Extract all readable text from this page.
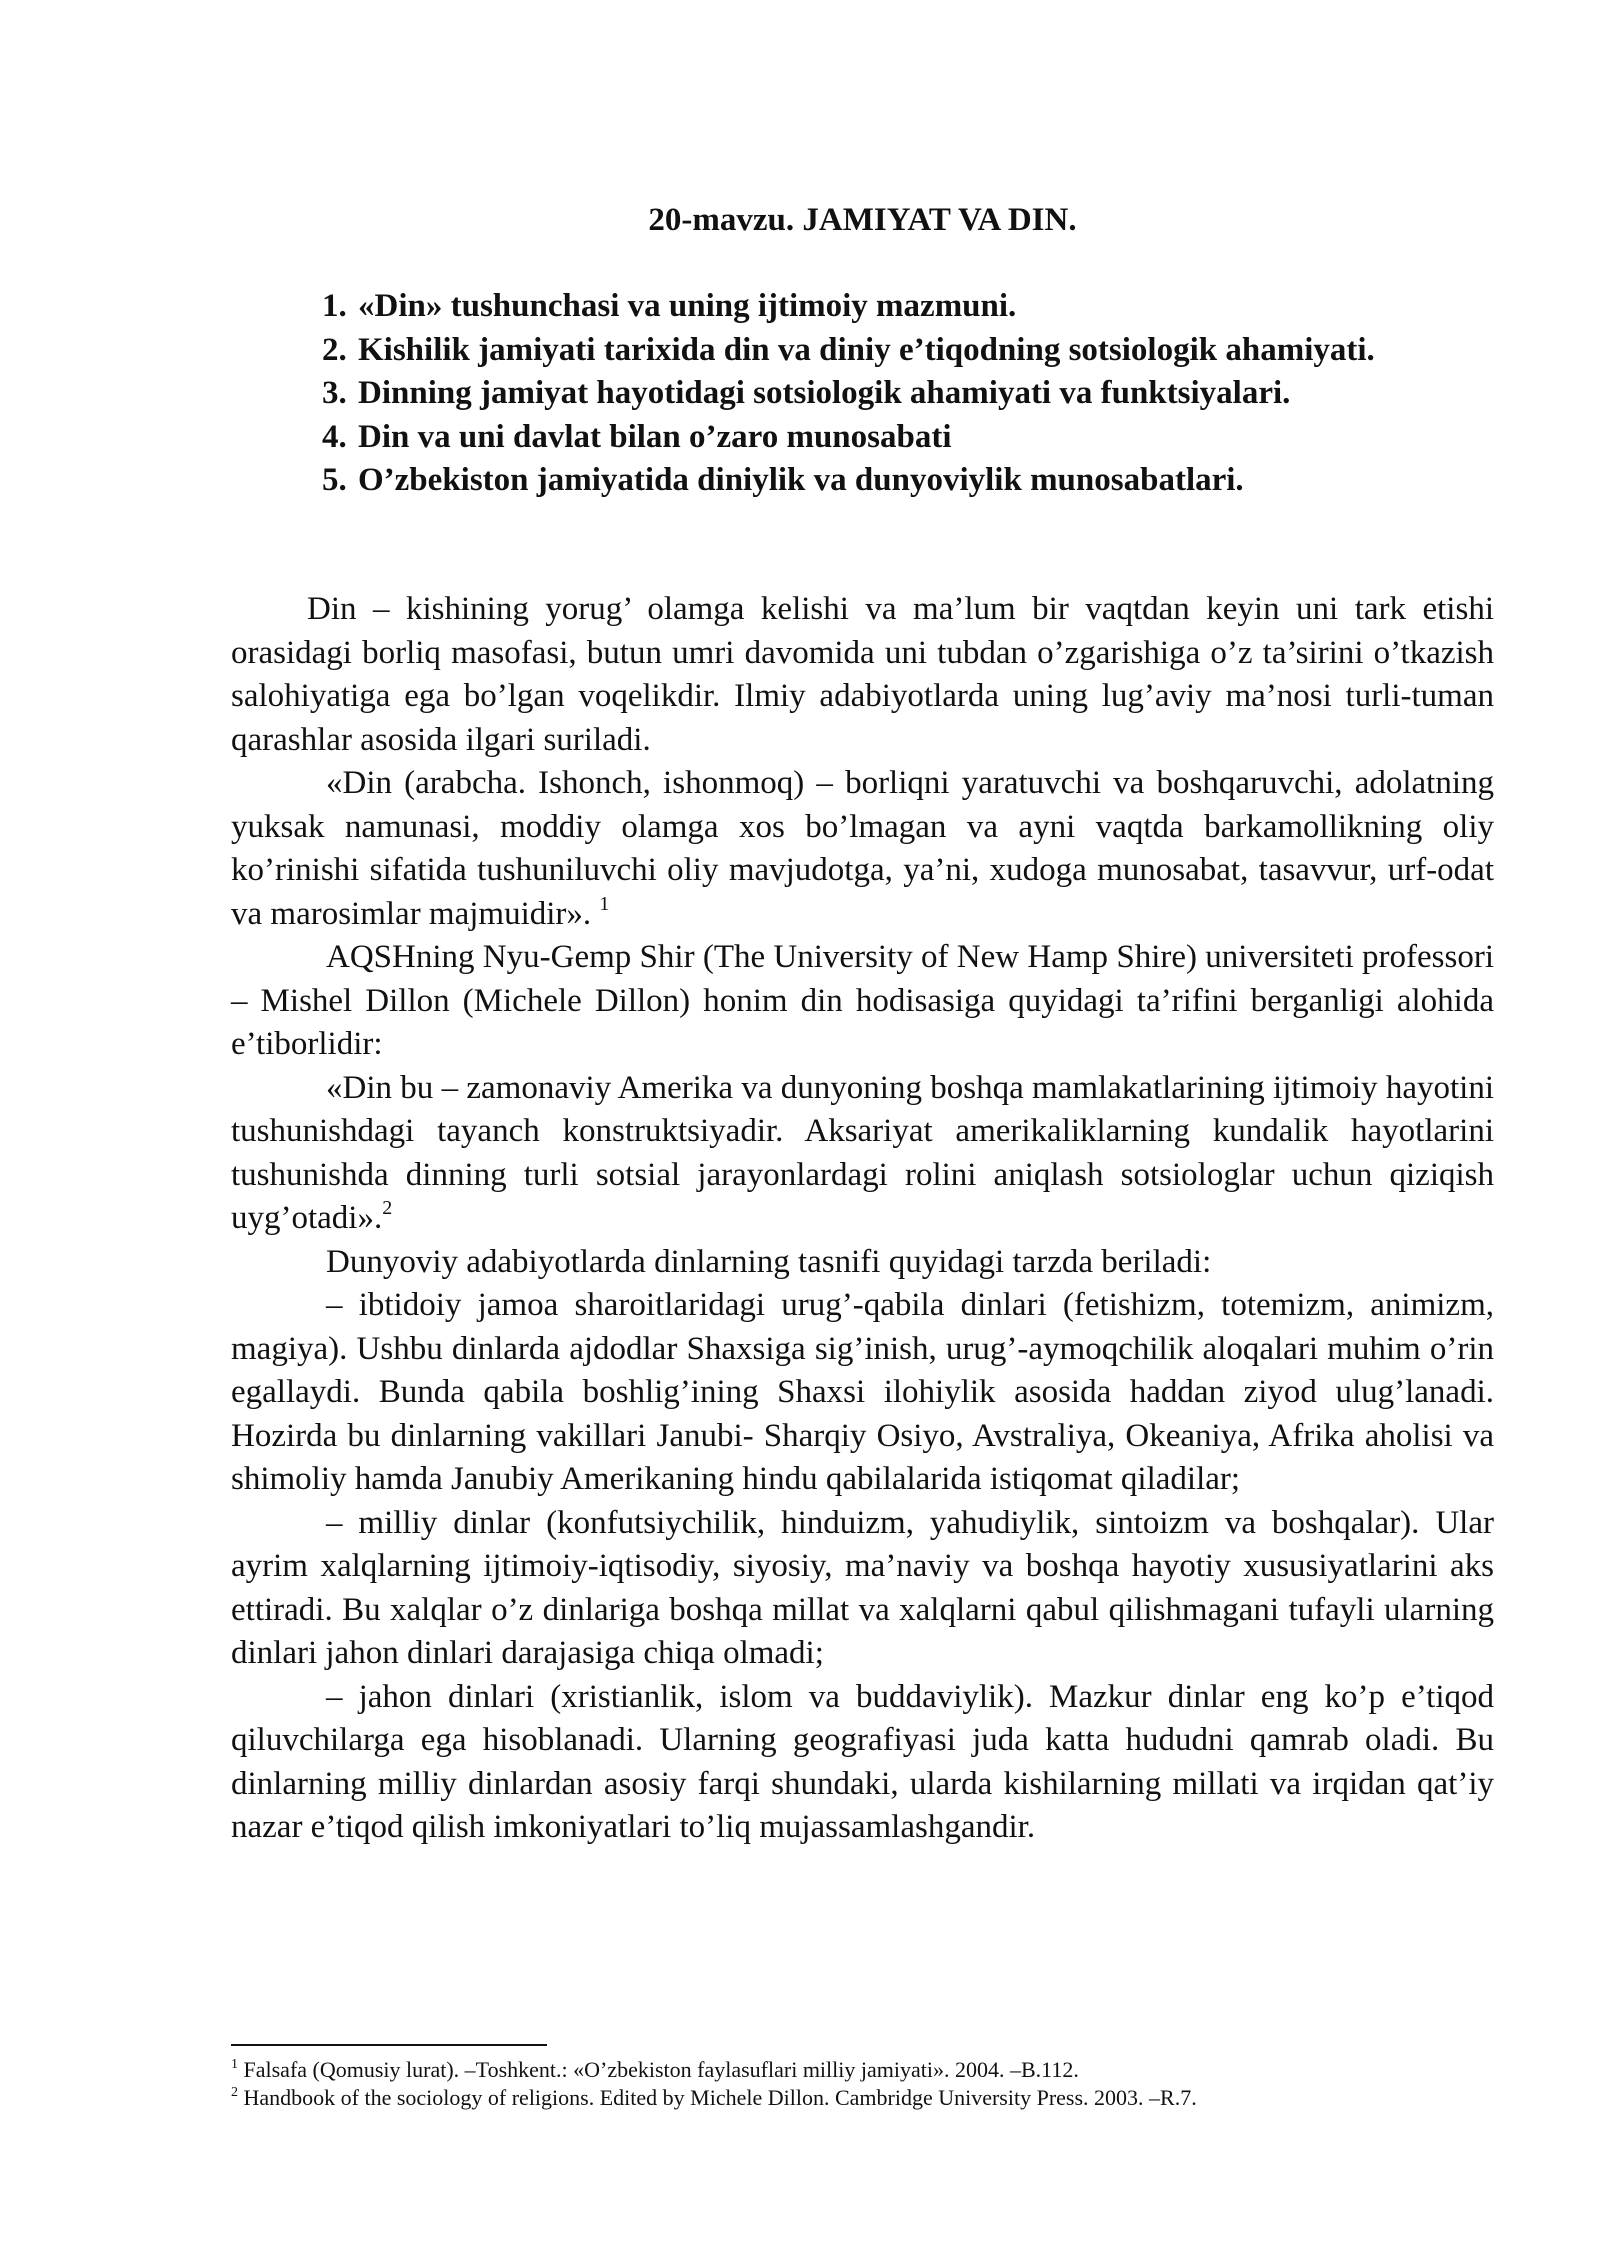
20-mavzu. JAMIYAT VA DIN.
1. «Din» tushunchasi va uning ijtimoiy mazmuni.
2. Kishilik jamiyati tarixida din va diniy e’tiqodning sotsiologik ahamiyati.
3. Dinning jamiyat hayotidagi sotsiologik ahamiyati va funktsiyalari.
4. Din va uni davlat bilan o’zaro munosabati
5. O’zbekiston jamiyatida diniylik va dunyoviylik munosabatlari.

Din – kishining yorug’ olamga kelishi va ma’lum bir vaqtdan keyin uni tark etishi orasidagi borliq masofasi, butun umri davomida uni tubdan o’zgarishiga o’z ta’sirini o’tkazish salohiyatiga ega bo’lgan voqelikdir. Ilmiy adabiyotlarda uning lug’aviy ma’nosi turli-tuman qarashlar asosida ilgari suriladi.

«Din (arabcha. Ishonch, ishonmoq) – borliqni yaratuvchi va boshqaruvchi, adolatning yuksak namunasi, moddiy olamga xos bo’lmagan va ayni vaqtda barkamollikning oliy ko’rinishi sifatida tushuniluvchi oliy mavjudotga, ya’ni, xudoga munosabat, tasavvur, urf-odat va marosimlar majmuidir». $^1$

AQSHning Nyu-Gemp Shir (The University of New Hamp Shire) universiteti professori – Mishel Dillon (Michele Dillon) honim din hodisasiga quyidagi ta’rifini berganligi alohida e’tiborlidir:

«Din bu – zamonaviy Amerika va dunyoning boshqa mamlakatlarining ijtimoiy hayotini tushunishdagi tayanch konstruktsiyadir. Aksariyat amerikaliklarning kundalik hayotlarini tushunishda dinning turli sotsial jarayonlardagi rolini aniqlash sotsiologlar uchun qiziqish uyg’otadi».$^2$

Dunyoviy adabiyotlarda dinlarning tasnifi quyidagi tarzda beriladi:

– ibtidoiy jamoa sharoitlaridagi urug’-qabila dinlari (fetishizm, totemizm, animizm, magiya). Ushbu dinlarda ajdodlar Shaxsiga sig’inish, urug’-aymoqchilik aloqalari muhim o’rin egallaydi. Bunda qabila boshlig’ining Shaxsi ilohiylik asosida haddan ziyod ulug’lanadi. Hozirda bu dinlarning vakillari Janubi- Sharqiy Osiyo, Avstraliya, Okeaniya, Afrika aholisi va shimoliy hamda Janubiy Amerikaning hindu qabilalarida istiqomat qiladilar;

– milliy dinlar (konfutsiychilik, hinduizm, yahudiylik, sintoizm va boshqalar). Ular ayrim xalqlarning ijtimoiy-iqtisodiy, siyosiy, ma’naviy va boshqa hayotiy xususiyatlarini aks ettiradi. Bu xalqlar o’z dinlariga boshqa millat va xalqlarni qabul qilishmagani tufayli ularning dinlari jahon dinlari darajasiga chiqa olmadi;

– jahon dinlari (xristianlik, islom va buddaviylik). Mazkur dinlar eng ko’p e’tiqod qiluvchilarga ega hisoblanadi. Ularning geografiyasi juda katta hududni qamrab oladi. Bu dinlarning milliy dinlardan asosiy farqi shundaki, ularda kishilarning millati va irqidan qat’iy nazar e’tiqod qilish imkoniyatlari to’liq mujassamlashgandir.

$^1$ Falsafa (Qomusiy lurat). –Toshkent.: «O’zbekiston faylasuflari milliy jamiyati». 2004. –B.112.

$^2$ Handbook of the sociology of religions. Edited by Michele Dillon. Cambridge University Press. 2003. –R.7.
